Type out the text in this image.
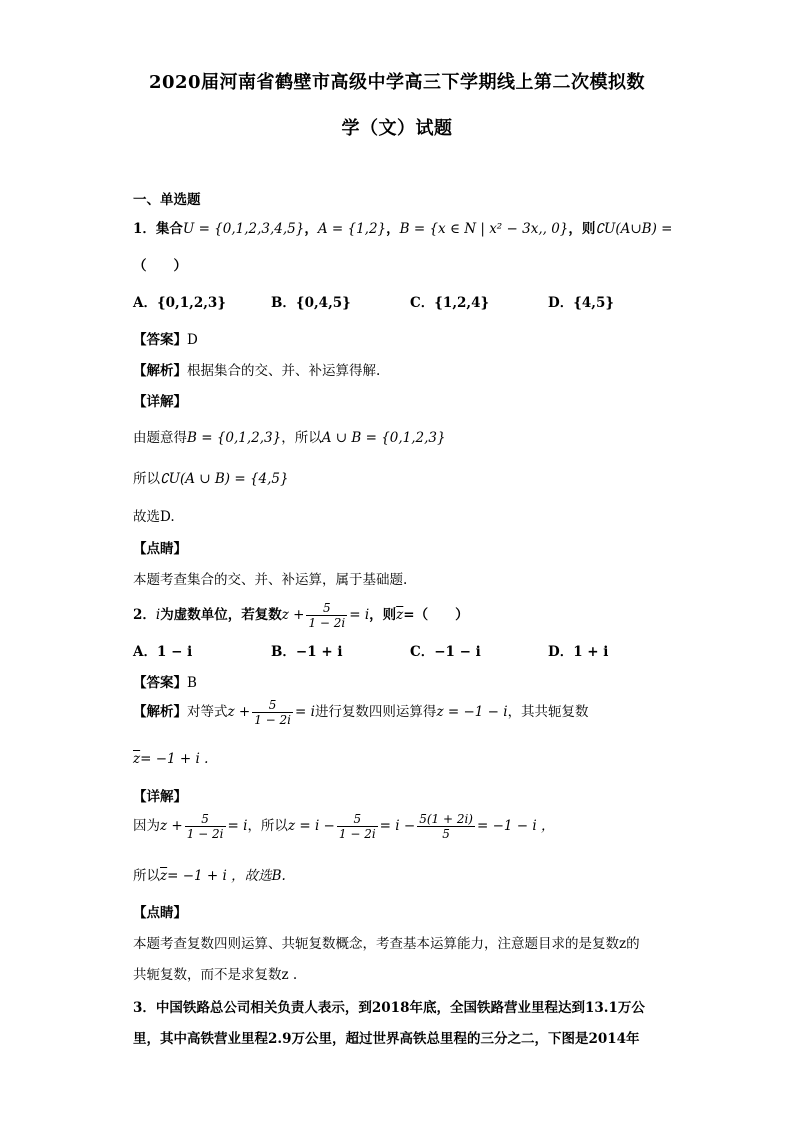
2020届河南省鹤壁市高级中学高三下学期线上第二次模拟数
学（文）试题
一、单选题
1．集合U = {0,1,2,3,4,5}，A = {1,2}，B = {x ∈ N | x² − 3x,, 0}，则∁U(A∪B) =
（　　）
A．{0,1,2,3}	B．{0,4,5}	C．{1,2,4}	D．{4,5}
【答案】D
【解析】根据集合的交、并、补运算得解.
【详解】
由题意得B = {0,1,2,3}，所以A ∪ B = {0,1,2,3}
所以∁U(A ∪ B) = {4,5}
故选D.
【点睛】
本题考查集合的交、并、补运算，属于基础题.
2．i为虚数单位，若复数$z + \frac{5}{1 - 2i} = i$，则$\overline{z}=$（　　）
A．1 − i	B．−1 + i	C．−1 − i	D．1 + i
【答案】B
【解析】对等式$z + \frac{5}{1 - 2i} = i$进行复数四则运算得z = −1 − i，其共轭复数
$\overline{z}= -1 + i$ .
【详解】
因为$z + \frac{5}{1 - 2i} = i$，所以$z = i - \frac{5}{1 - 2i} = i - \frac{5(1 + 2i)}{5} = -1 - i$ ，
所以$\overline{z}= -1 + i$ ，故选B.
【点睛】
本题考查复数四则运算、共轭复数概念，考查基本运算能力，注意题目求的是复数z的
共轭复数，而不是求复数z .
3．中国铁路总公司相关负责人表示，到2018年底，全国铁路营业里程达到13.1万公
里，其中高铁营业里程2.9万公里，超过世界高铁总里程的三分之二，下图是2014年
